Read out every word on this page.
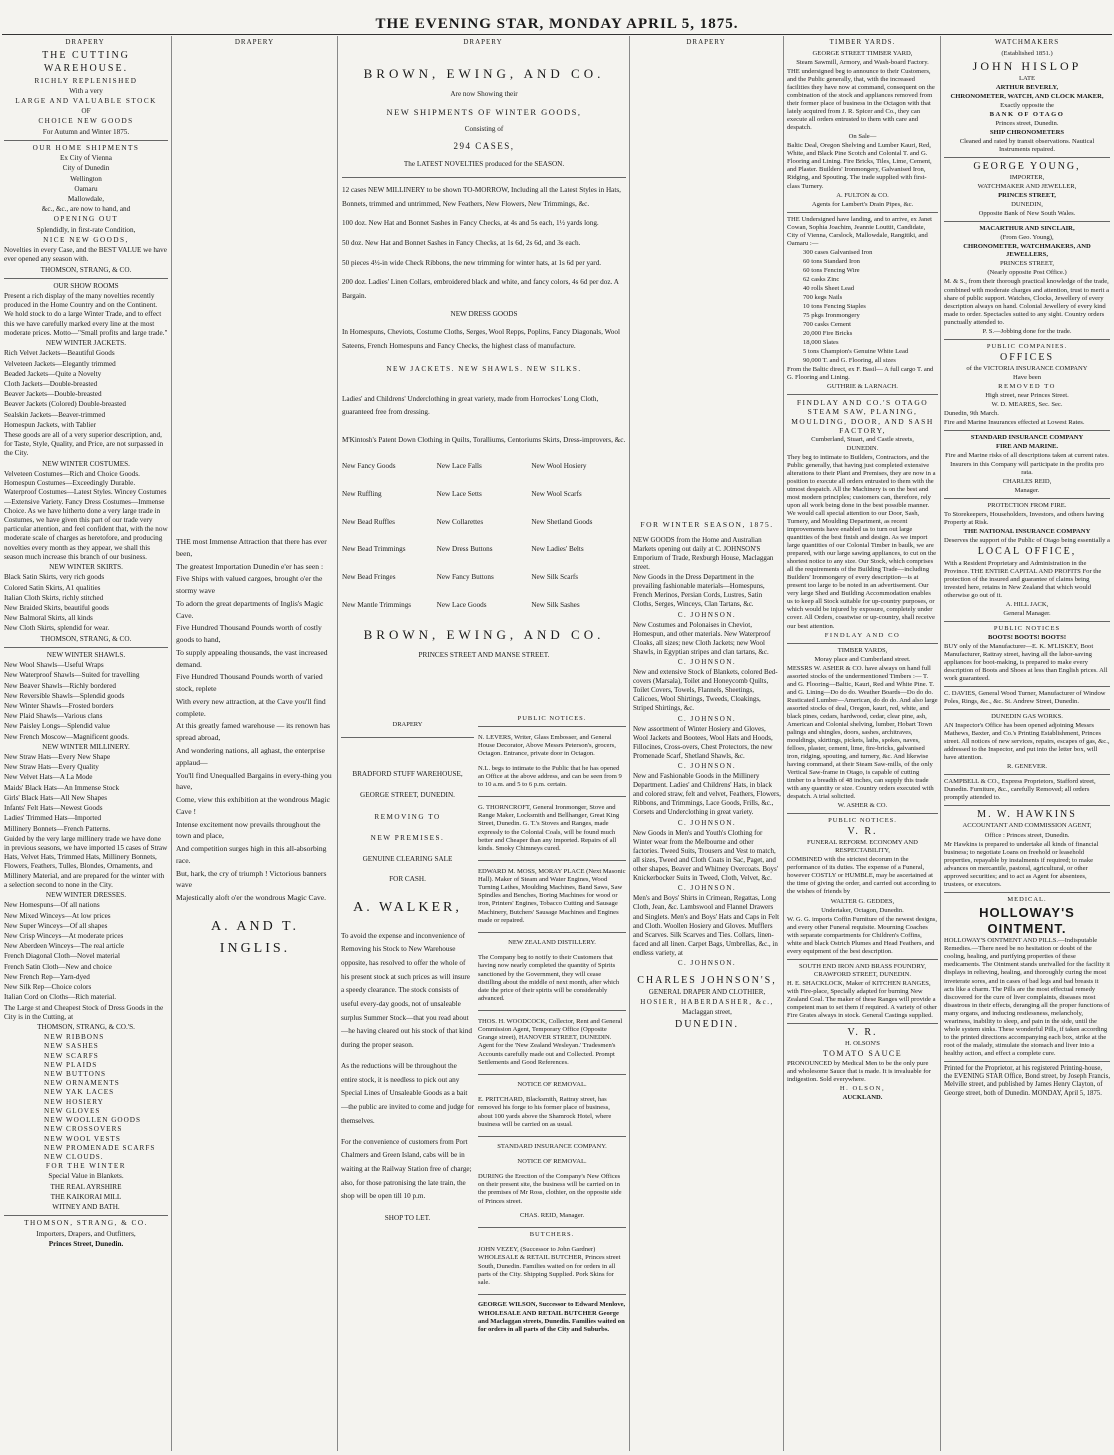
THE EVENING STAR, MONDAY APRIL 5, 1875.
DRAPERY	DRAPERY	DRAPERY	DRAPERY	TIMBER YARDS.	WATCHMAKERS

THE CUTTING WAREHOUSE.

RICHLY REPLENISHED

With a very

LARGE AND VALUABLE STOCK

OF

CHOICE NEW GOODS

For Autumn and Winter 1875.

OUR HOME SHIPMENTS

Ex City of Vienna

City of Dunedin

Wellington

Oamaru

Mallowdale,

&c., &c., are now to hand, and

OPENING OUT

Splendidly, in first-rate Condition,

NICE NEW GOODS,

Novelties in every Case, and the BEST VALUE we have ever opened any season with.

THOMSON, STRANG, & CO.

OUR SHOW ROOMS

Present a rich display of the many novelties recently produced in the Home Country and on the Continent. We hold stock to do a large Winter Trade, and to effect this we have carefully marked every line at the most moderate prices. Motto—"Small profits and large trade."

NEW WINTER JACKETS.

Rich Velvet Jackets—Beautiful Goods

Velveteen Jackets—Elegantly trimmed

Beaded Jackets—Quite a Novelty

Cloth Jackets—Double-breasted

Beaver Jackets—Double-breasted

Beaver Jackets (Colored) Double-breasted

Sealskin Jackets—Beaver-trimmed

Homespun Jackets, with Tablier

These goods are all of a very superior description, and, for Taste, Style, Quality, and Price, are not surpassed in the City.

NEW WINTER COSTUMES.

Velveteen Costumes—Rich and Choice Goods. Homespun Costumes—Exceedingly Durable. Waterproof Costumes—Latest Styles. Wincey Costumes—Extensive Variety. Fancy Dress Costumes—Immense Choice. As we have hitherto done a very large trade in Costumes, we have given this part of our trade very particular attention, and feel confident that, with the now moderate scale of charges as heretofore, and producing novelties every month as they appear, we shall this season much increase this branch of our business.

NEW WINTER SKIRTS.

Black Satin Skirts, very rich goods

Colored Satin Skirts, A1 qualities

Italian Cloth Skirts, richly stitched

New Braided Skirts, beautiful goods

New Balmoral Skirts, all kinds

New Cloth Skirts, splendid for wear.

THOMSON, STRANG, & CO.

NEW WINTER SHAWLS.

New Wool Shawls—Useful Wraps

New Waterproof Shawls—Suited for travelling

New Beaver Shawls—Richly bordered

New Reversible Shawls—Splendid goods

New Winter Shawls—Frosted borders

New Plaid Shawls—Various clans

New Paisley Longs—Splendid value

New French Moscow—Magnificent goods.

NEW WINTER MILLINERY.

New Straw Hats—Every New Shape

New Straw Hats—Every Quality

New Velvet Hats—A La Mode

Maids' Black Hats—An Immense Stock

Girls' Black Hats—All New Shapes

Infants' Felt Hats—Newest Goods

Ladies' Trimmed Hats—Imported

Millinery Bonnets—French Patterns.

Guided by the very large millinery trade we have done in previous seasons, we have imported 15 cases of Straw Hats, Velvet Hats, Trimmed Hats, Millinery Bonnets, Flowers, Feathers, Tulles, Blondes, Ornaments, and Millinery Material, and are prepared for the winter with a selection second to none in the City.

NEW WINTER DRESSES.

New Homespuns—Of all nations

New Mixed Winceys—At low prices

New Super Winceys—Of all shapes

New Crisp Winceys—At moderate prices

New Aberdeen Winceys—The real article

French Diagonal Cloth—Novel material

French Satin Cloth—New and choice

New French Rep—Yarn-dyed

New Silk Rep—Choice colors

Italian Cord on Cloths—Rich material.

The Large st and Cheapest Stock of Dress Goods in the City is in the Cutting, at

THOMSON, STRANG, & CO.'S.

NEW RIBBONS

NEW SASHES

NEW SCARFS

NEW PLAIDS

NEW BUTTONS

NEW ORNAMENTS

NEW YAK LACES

NEW HOSIERY

NEW GLOVES

NEW WOOLLEN GOODS

NEW CROSSOVERS

NEW WOOL VESTS

NEW PROMENADE SCARFS

NEW CLOUDS.

FOR THE WINTER

Special Value in Blankets.

THE REAL AYRSHIRE

THE KAIKORAI MILL

WITNEY AND BATH.

THOMSON, STRANG, & CO.

Importers, Drapers, and Outfitters,

Princes Street, Dunedin.

THE most Immense Attraction that there has ever been,

The greatest Importation Dunedin e'er has seen :

Five Ships with valued cargoes, brought o'er the stormy wave

To adorn the great departments of Inglis's Magic Cave.

Five Hundred Thousand Pounds worth of costly goods to hand,

To supply appealing thousands, the vast increased demand.

Five Hundred Thousand Pounds worth of varied stock, replete

With every new attraction, at the Cave you'll find complete.

At this greatly famed warehouse — its renown has spread abroad,

And wondering nations, all aghast, the enterprise applaud—

You'll find Unequalled Bargains in every-thing you have,

Come, view this exhibition at the wondrous Magic Cave !

Intense excitement now prevails throughout the town and place,

And competition surges high in this all-absorbing race.

But, hark, the cry of triumph ! Victorious banners wave

Majestically aloft o'er the wondrous Magic Cave.

A. AND T. INGLIS.

BROWN, EWING, AND CO.

Are now Showing their

NEW SHIPMENTS OF WINTER GOODS,

Consisting of

294 CASES,

The LATEST NOVELTIES produced for the SEASON.

12 cases NEW MILLINERY to be shown TO-MORROW, Including all the Latest Styles in Hats, Bonnets, trimmed and untrimmed, New Feathers, New Flowers, New Trimmings, &c.

100 doz. New Hat and Bonnet Sashes in Fancy Checks, at 4s and 5s each, 1½ yards long.

50 doz. New Hat and Bonnet Sashes in Fancy Checks, at 1s 6d, 2s 6d, and 3s each.

50 pieces 4½-in wide Check Ribbons, the new trimming for winter hats, at 1s 6d per yard.

200 doz. Ladies' Linen Collars, embroidered black and white, and fancy colors, 4s 6d per doz. A Bargain.

NEW DRESS GOODS

In Homespuns, Cheviots, Costume Cloths, Serges, Wool Repps, Poplins, Fancy Diagonals, Wool Sateens, French Homespuns and Fancy Checks, the highest class of manufacture.

NEW JACKETS. NEW SHAWLS. NEW SILKS.

Ladies' and Childrens' Underclothing in great variety, made from Horrockes' Long Cloth, guaranteed free from dressing.

M'Kintosh's Patent Down Clothing in Quilts, Toralliums, Centoriums Skirts, Dress-improvers, &c.

New Fancy Goods	New Lace Falls	New Wool Hosiery

New Ruffling	New Lace Setts	New Wool Scarfs

New Bead Ruffles	New Collarettes	New Shetland Goods

New Bead Trimmings	New Dress Buttons	New Ladies' Belts

New Bead Fringes	New Fancy Buttons	New Silk Scarfs

New Mantle Trimmings	New Lace Goods	New Silk Sashes

BROWN, EWING, AND CO.

PRINCES STREET AND MANSE STREET.

DRAPERY

BRADFORD STUFF WAREHOUSE,

GEORGE STREET, DUNEDIN.

REMOVING TO

NEW PREMISES.

GENUINE CLEARING SALE

FOR CASH.

A. WALKER,

To avoid the expense and inconvenience of Removing his Stock to New Warehouse opposite, has resolved to offer the whole of his present stock at such prices as will insure a speedy clearance. The stock consists of useful every-day goods, not of unsaleable surplus Summer Stock—that you read about—he having cleared out his stock of that kind during the proper season.

As the reductions will be throughout the entire stock, it is needless to pick out any Special Lines of Unsaleable Goods as a bait —the public are invited to come and judge for themselves.

For the convenience of customers from Port Chalmers and Green Island, cabs will be in waiting at the Railway Station free of charge; also, for those patronising the late train, the shop will be open till 10 p.m.

SHOP TO LET.

PUBLIC NOTICES.

N. LEVERS, Writer, Glass Embosser, and General House Decorator, Above Messrs Peterson's, grocers, Octagon. Entrance, private door in Octagon.

N.L. begs to intimate to the Public that he has opened an Office at the above address, and can be seen from 9 to 10 a.m. and 5 to 6 p.m. certain.

G. THORNCROFT, General Ironmonger, Stove and Range Maker, Locksmith and Bellhanger, Great King Street, Dunedin. G. T.'s Stoves and Ranges, made expressly to the Colonial Coals, will be found much better and Cheaper than any imported. Repairs of all kinds. Smoky Chimneys cured.

EDWARD M. MOSS, MORAY PLACE (Next Masonic Hall). Maker of Steam and Water Engines, Wood Turning Lathes, Moulding Machines, Band Saws, Saw Spindles and Benches, Boring Machines for wood or iron, Printers' Engines, Tobacco Cutting and Sausage Machinery, Butchers' Sausage Machines and Engines made or repaired.

NEW ZEALAND DISTILLERY.

The Company beg to notify to their Customers that having now nearly completed the quantity of Spirits sanctioned by the Government, they will cease distilling about the middle of next month, after which date the price of their spirits will be considerably advanced.

THOS. H. WOODCOCK, Collector, Rent and General Commission Agent, Temporary Office (Opposite Grange street), HANOVER STREET, DUNEDIN. Agent for the 'New Zealand Wesleyan.' Tradesmen's Accounts carefully made out and Collected. Prompt Settlements and Good References.

NOTICE OF REMOVAL.

E. PRITCHARD, Blacksmith, Rattray street, has removed his forge to his former place of business, about 100 yards above the Shamrock Hotel, where business will be carried on as usual.

STANDARD INSURANCE COMPANY.

NOTICE OF REMOVAL.

DURING the Erection of the Company's New Offices on their present site, the business will be carried on in the premises of Mr Ross, clothier, on the opposite side of Princes street.

CHAS. REID, Manager.

BUTCHERS.

JOHN VEZEY, (Successor to John Gardner) WHOLESALE & RETAIL BUTCHER, Princes street South, Dunedin. Families waited on for orders in all parts of the City. Shipping Supplied. Pork Skins for sale.

GEORGE WILSON, Successor to Edward Menlove, WHOLESALE AND RETAIL BUTCHER George and Maclaggan streets, Dunedin. Families waited on for orders in all parts of the City and Suburbs.

FOR WINTER SEASON, 1875.

NEW GOODS from the Home and Australian Markets opening out daily at C. JOHNSON'S Emporium of Trade, Rexburgh House, Maclaggan street.

New Goods in the Dress Department in the prevailing fashionable materials—Homespuns, French Merinos, Persian Cords, Lustres, Satin Cloths, Serges, Winceys, Clan Tartans, &c.

C. JOHNSON.

New Costumes and Polonaises in Cheviot, Homespun, and other materials. New Waterproof Cloaks, all sizes; new Cloth Jackets; new Wool Shawls, in Egyptian stripes and clan tartans, &c.

C. JOHNSON.

New and extensive Stock of Blankets, colored Bed-covers (Marsala), Toilet and Honeycomb Quilts, Toilet Covers, Towels, Flannels, Sheetings, Calicoes, Wool Shirtings, Tweeds, Cloakings, Striped Shirtings, &c.

C. JOHNSON.

New assortment of Winter Hosiery and Gloves, Wool Jackets and Bootees, Wool Hats and Hoods, Fillocines, Cross-overs, Chest Protectors, the new Promenade Scarf, Shetland Shawls, &c.

C. JOHNSON.

New and Fashionable Goods in the Millinery Department. Ladies' and Childrens' Hats, in black and colored straw, felt and velvet, Feathers, Flowers, Ribbons, and Trimmings, Lace Goods, Frills, &c., Corsets and Underclothing in great variety.

C. JOHNSON.

New Goods in Men's and Youth's Clothing for Winter wear from the Melbourne and other factories. Tweed Suits, Trousers and Vest to match, all sizes, Tweed and Cloth Coats in Sac, Paget, and other shapes, Beaver and Whitney Overcoats. Boys' Knickerbocker Suits in Tweed, Cloth, Velvet, &c.

C. JOHNSON.

Men's and Boys' Shirts in Crimean, Regattas, Long Cloth, Jean, &c. Lambswool and Flannel Drawers and Singlets. Men's and Boys' Hats and Caps in Felt and Cloth. Woollen Hosiery and Gloves. Mufflers and Scarves. Silk Scarves and Ties. Collars, linen-faced and all linen. Carpet Bags, Umbrellas, &c., in endless variety, at

C. JOHNSON.

CHARLES JOHNSON'S,

GENERAL DRAPER AND CLOTHIER,

HOSIER, HABERDASHER, &c.,

Maclaggan street,

DUNEDIN.

GEORGE STREET TIMBER YARD,

Steam Sawmill, Armory, and Wash-board Factory.

THE undersigned beg to announce to their Customers, and the Public generally, that, with the increased facilities they have now at command, consequent on the combination of the stock and appliances removed from their former place of business in the Octagon with that lately acquired from J. R. Spicer and Co., they can execute all orders entrusted to them with care and despatch.

On Sale—

Baltic Deal, Oregon Shelving and Lumber Kauri, Red, White, and Black Pine Scotch and Colonial T. and G. Flooring and Lining. Fire Bricks, Tiles, Lime, Cement, and Plaster. Builders' Ironmongery, Galvanised Iron, Ridging, and Spouting. The trade supplied with first-class Turnery.

A. FULTON & CO.

Agents for Lambert's Drain Pipes, &c.

THE Undersigned have landing, and to arrive, ex Janet Cowan, Sophia Joachim, Jeannie Louttit, Candidate, City of Vienna, Carslock, Mallowdale, Rangitiki, and Oamaru :—

300 cases Galvanised Iron

60 tons Standard Iron

60 tons Fencing Wire

62 casks Zinc

40 rolls Sheet Lead

700 kegs Nails

10 tons Fencing Staples

75 pkgs Ironmongery

700 casks Cement

20,000 Fire Bricks

18,000 Slates

5 tons Champion's Genuine White Lead

90,000 T. and G. Flooring, all sizes

From the Baltic direct, ex F. Basil— A full cargo T. and G. Flooring and Lining.

GUTHRIE & LARNACH.

FINDLAY AND CO.'S OTAGO STEAM SAW, PLANING, MOULDING, DOOR, AND SASH FACTORY,

Cumberland, Stuart, and Castle streets,

DUNEDIN.

They beg to intimate to Builders, Contractors, and the Public generally, that having just completed extensive alterations to their Plant and Premises, they are now in a position to execute all orders entrusted to them with the utmost despatch. All the Machinery is on the best and most modern principles; customers can, therefore, rely upon all work being done in the best possible manner. We would call special attention to our Door, Sash, Turnery, and Moulding Department, as recent improvements have enabled us to turn out large quantities of the best finish and design. As we import large quantities of our Colonial Timber in baulk, we are prepared, with our large sawing appliances, to cut on the shortest notice to any size. Our Stock, which comprises all the requirements of the Building Trade—including Builders' Ironmongery of every description—is at present too large to be noted in an advertisement. Our very large Shed and Building Accommodation enables us to keep all Stock suitable for up-country purposes, or which would be injured by exposure, completely under cover. All Orders, coastwise or up-country, shall receive our best attention.

FINDLAY AND CO

TIMBER YARDS,

Moray place and Cumberland street.

MESSRS W. ASHER & CO. have always on hand full assorted stocks of the undermentioned Timbers :— T. and G. Flooring—Baltic, Kauri, Red and White Pine. T. and G. Lining—Do do do. Weather Boards—Do do do. Rusticated Lumber—American, do do do. And also large assorted stocks of deal, Oregon, kauri, red, white, and black pines, cedars, hardwood, cedar, clear pine, ash, American and Colonial shelving, lumber, Hobart Town palings and shingles, doors, sashes, architraves, mouldings, skirtings, pickets, laths, spokes, naves, felloes, plaster, cement, lime, fire-bricks, galvanised iron, ridging, spouting, and turnery, &c. And likewise having command, at their Steam Saw-mills, of the only Vertical Saw-frame in Otago, is capable of cutting timber to a breadth of 48 inches, can supply this trade with any quantity or size. Country orders executed with despatch. A trial solicited.

W. ASHER & CO.

PUBLIC NOTICES.

V. R.

FUNERAL REFORM. ECONOMY AND RESPECTABILITY,

COMBINED with the strictest decorum in the performance of its duties. The expense of a Funeral, however COSTLY or HUMBLE, may be ascertained at the time of giving the order, and carried out according to the wishes of friends by

WALTER G. GEDDES,

Undertaker, Octagon, Dunedin.

W. G. G. imports Coffin Furniture of the newest designs, and every other Funeral requisite. Mourning Coaches with separate compartments for Children's Coffins, white and black Ostrich Plumes and Head Feathers, and every equipment of the best description.

SOUTH END IRON AND BRASS FOUNDRY, CRAWFORD STREET, DUNEDIN.

H. E. SHACKLOCK, Maker of KITCHEN RANGES, with Fire-place, Specially adapted for burning New Zealand Coal. The maker of these Ranges will provide a competent man to set them if required. A variety of other Fire Grates always in stock. General Castings supplied.

V. R.

H. OLSON'S

TOMATO SAUCE

PRONOUNCED by Medical Men to be the only pure and wholesome Sauce that is made. It is invaluable for indigestion. Sold everywhere.

H. OLSON,

AUCKLAND.

(Established 1851.)

JOHN HISLOP

LATE

ARTHUR BEVERLY,

CHRONOMETER, WATCH, AND CLOCK MAKER,

Exactly opposite the

BANK OF OTAGO

Princes street, Dunedin.

SHIP CHRONOMETERS

Cleaned and rated by transit observations. Nautical Instruments repaired.

GEORGE YOUNG,

IMPORTER,

WATCHMAKER AND JEWELLER,

PRINCES STREET,

DUNEDIN,

Opposite Bank of New South Wales.

MACARTHUR AND SINCLAIR,

(From Geo. Young),

CHRONOMETER, WATCHMAKERS, AND JEWELLERS,

PRINCES STREET,

(Nearly opposite Post Office.)

M. & S., from their thorough practical knowledge of the trade, combined with moderate charges and attention, trust to merit a share of public support. Watches, Clocks, Jewellery of every description always on hand. Colonial Jewellery of every kind made to order. Spectacles suited to any sight. Country orders punctually attended to.

P. S.—Jobbing done for the trade.

PUBLIC COMPANIES.

OFFICES

of the VICTORIA INSURANCE COMPANY

Have been

REMOVED TO

High street, near Princes Street.

W. D. MEARES, Sec. Sec.

Dunedin, 9th March.

Fire and Marine Insurances effected at Lowest Rates.

STANDARD INSURANCE COMPANY

FIRE AND MARINE.

Fire and Marine risks of all descriptions taken at current rates.

Insurers in this Company will participate in the profits pro rata.

CHARLES REID,

Manager.

PROTECTION FROM FIRE.

To Storekeepers, Householders, Investors, and others having Property at Risk.

THE NATIONAL INSURANCE COMPANY

Deserves the support of the Public of Otago being essentially a

LOCAL OFFICE,

With a Resident Proprietary and Administration in the Province. THE ENTIRE CAPITAL AND PROFITS For the protection of the insured and guarantee of claims being invested here, retains in New Zealand that which would otherwise go out of it.

A. HILL JACK,

General Manager.

PUBLIC NOTICES

BOOTS! BOOTS! BOOTS!

BUY only of the Manufacturer—E. K. M'LISKEY, Boot Manufacturer, Rattray street, having all the labor-saving appliances for boot-making, is prepared to make every description of Boots and Shoes at less than English prices. All work guaranteed.

C. DAVIES, General Wood Turner, Manufacturer of Window Poles, Rings, &c., &c. St. Andrew Street, Dunedin.

DUNEDIN GAS WORKS.

AN Inspector's Office has been opened adjoining Messrs Mathews, Baxter, and Co.'s Printing Establishment, Princes street. All notices of new services, repairs, escapes of gas, &c., addressed to the Inspector, and put into the letter box, will have attention.

R. GENEVER.

CAMPBELL & CO., Express Proprietors, Stafford street, Dunedin. Furniture, &c., carefully Removed; all orders promptly attended to.

M. W. HAWKINS

ACCOUNTANT AND COMMISSION AGENT,

Office : Princes street, Dunedin.

Mr Hawkins is prepared to undertake all kinds of financial business; to negotiate Loans on freehold or leasehold properties, repayable by instalments if required; to make advances on mercantile, pastoral, agricultural, or other approved securities; and to act as Agent for absentees, trustees, or executors.

MEDICAL.

HOLLOWAY'S OINTMENT.

HOLLOWAY'S OINTMENT AND PILLS.—Indisputable Remedies.—There need be no hesitation or doubt of the cooling, healing, and purifying properties of these medicaments. The Ointment stands unrivalled for the facility it displays in relieving, healing, and thoroughly curing the most inveterate sores, and in cases of bad legs and bad breasts it acts like a charm. The Pills are the most effectual remedy discovered for the cure of liver complaints, diseases most disastrous in their effects, deranging all the proper functions of many organs, and inducing restlessness, melancholy, weariness, inability to sleep, and pain in the side, until the whole system sinks. These wonderful Pills, if taken according to the printed directions accompanying each box, strike at the root of the malady, stimulate the stomach and liver into a healthy action, and effect a complete cure.

Printed for the Proprietor, at his registered Printing-house, the EVENING STAR Office, Bond street, by Joseph Francis, Melville street, and published by James Henry Clayton, of George street, both of Dunedin. MONDAY, April 5, 1875.
